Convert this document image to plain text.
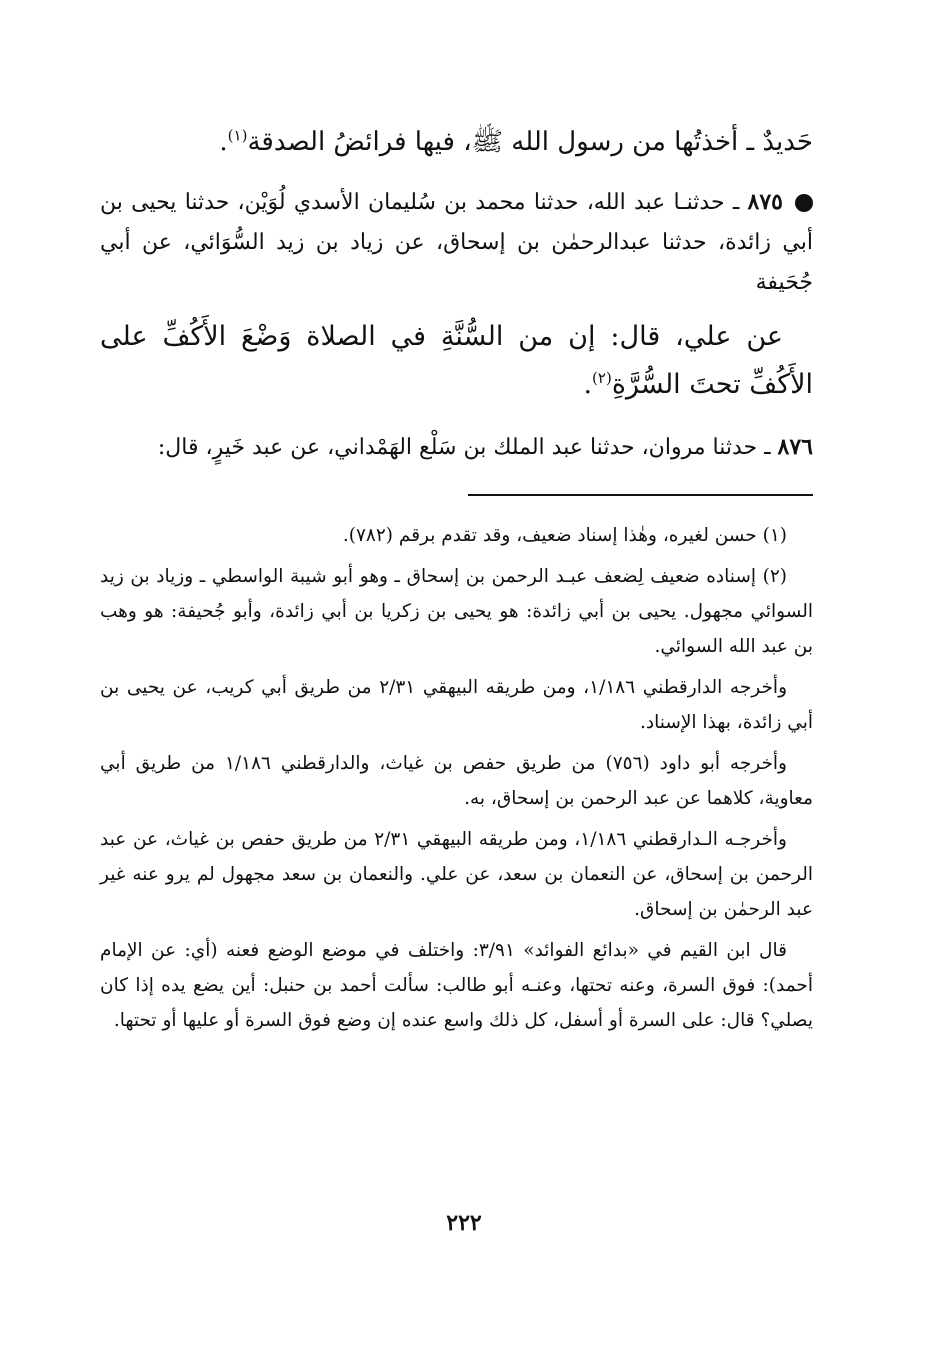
حَديدٌ ـ أخذتُها من رسول الله ﷺ، فيها فرائضُ الصدقة$^{(١)}$.

٨٧٥ ـ حدثنـا عبد الله، حدثنا محمد بن سُليمان الأسدي لُوَيْن، حدثنا يحيى بن أبي زائدة، حدثنا عبدالرحمٰن بن إسحاق، عن زياد بن زيد السُّوَائي، عن أبي جُحَيفة

عن علي، قال: إن من السُّنَّةِ في الصلاة وَضْعَ الأَكُفِّ على الأَكُفِّ تحتَ السُّرَّةِ$^{(٢)}$.

٨٧٦ ـ حدثنا مروان، حدثنا عبد الملك بن سَلْع الهَمْداني، عن عبد خَيرٍ، قال:

(١) حسن لغيره، وهٰذا إسناد ضعيف، وقد تقدم برقم (٧٨٢).

(٢) إسناده ضعيف لِضعف عبـد الرحمن بن إسحاق ـ وهو أبو شيبة الواسطي ـ وزياد بن زيد السوائي مجهول. يحيى بن أبي زائدة: هو يحيى بن زكريا بن أبي زائدة، وأبو جُحيفة: هو وهب بن عبد الله السوائي.

وأخرجه الدارقطني ١/١٨٦، ومن طريقه البيهقي ٢/٣١ من طريق أبي كريب، عن يحيى بن أبي زائدة، بهذا الإسناد.

وأخرجه أبو داود (٧٥٦) من طريق حفص بن غياث، والدارقطني ١/١٨٦ من طريق أبي معاوية، كلاهما عن عبد الرحمن بن إسحاق، به.

وأخرجـه الـدارقطني ١/١٨٦، ومن طريقه البيهقي ٢/٣١ من طريق حفص بن غياث، عن عبد الرحمن بن إسحاق، عن النعمان بن سعد، عن علي. والنعمان بن سعد مجهول لم يرو عنه غير عبد الرحمٰن بن إسحاق.

قال ابن القيم في «بدائع الفوائد» ٣/٩١: واختلف في موضع الوضع فعنه (أي: عن الإمام أحمد): فوق السرة، وعنه تحتها، وعنـه أبو طالب: سألت أحمد بن حنبل: أين يضع يده إذا كان يصلي؟ قال: على السرة أو أسفل، كل ذلك واسع عنده إن وضع فوق السرة أو عليها أو تحتها.

٢٢٢
